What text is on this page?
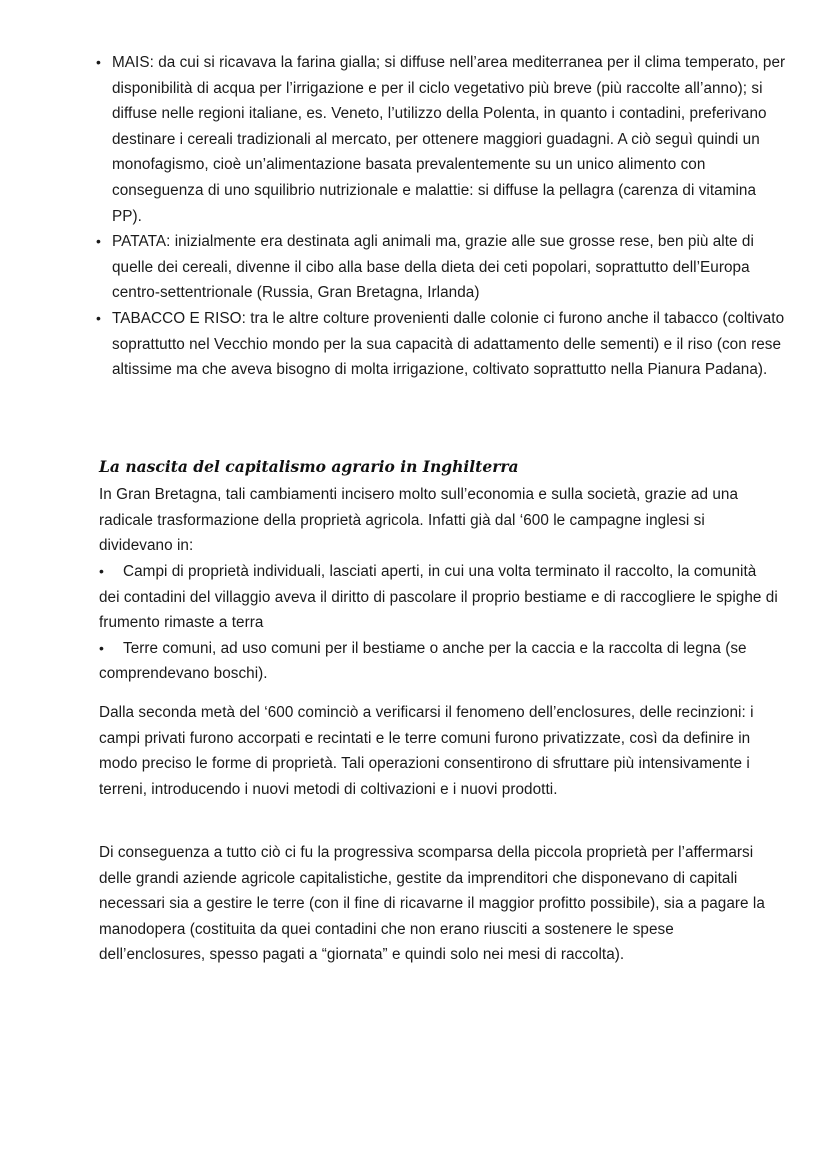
• MAIS: da cui si ricavava la farina gialla; si diffuse nell’area mediterranea per il clima temperato, per disponibilità di acqua per l’irrigazione e per il ciclo vegetativo più breve (più raccolte all’anno); si diffuse nelle regioni italiane, es. Veneto, l’utilizzo della Polenta, in quanto i contadini, preferivano destinare i cereali tradizionali al mercato, per ottenere maggiori guadagni. A ciò seguì quindi un monofagismo, cioè un’alimentazione basata prevalentemente su un unico alimento con conseguenza di uno squilibrio nutrizionale e malattie: si diffuse la pellagra (carenza di vitamina PP).
• PATATA: inizialmente era destinata agli animali ma, grazie alle sue grosse rese, ben più alte di quelle dei cereali, divenne il cibo alla base della dieta dei ceti popolari, soprattutto dell’Europa centro-settentrionale (Russia, Gran Bretagna, Irlanda)
• TABACCO E RISO: tra le altre colture provenienti dalle colonie ci furono anche il tabacco (coltivato soprattutto nel Vecchio mondo per la sua capacità di adattamento delle sementi) e il riso (con rese altissime ma che aveva bisogno di molta irrigazione, coltivato soprattutto nella Pianura Padana).
La nascita del capitalismo agrario in Inghilterra

In Gran Bretagna, tali cambiamenti incisero molto sull’economia e sulla società, grazie ad una radicale trasformazione della proprietà agricola. Infatti già dal ‘600 le campagne inglesi si dividevano in:

• Campi di proprietà individuali, lasciati aperti, in cui una volta terminato il raccolto, la comunità dei contadini del villaggio aveva il diritto di pascolare il proprio bestiame e di raccogliere le spighe di frumento rimaste a terra
• Terre comuni, ad uso comuni per il bestiame o anche per la caccia e la raccolta di legna (se comprendevano boschi).

Dalla seconda metà del ‘600 cominciò a verificarsi il fenomeno dell’enclosures, delle recinzioni: i campi privati furono accorpati e recintati e le terre comuni furono privatizzate, così da definire in modo preciso le forme di proprietà. Tali operazioni consentirono di sfruttare più intensivamente i terreni, introducendo i nuovi metodi di coltivazioni e i nuovi prodotti.

Di conseguenza a tutto ciò ci fu la progressiva scomparsa della piccola proprietà per l’affermarsi delle grandi aziende agricole capitalistiche, gestite da imprenditori che disponevano di capitali necessari sia a gestire le terre (con il fine di ricavarne il maggior profitto possibile), sia a pagare la manodopera (costituita da quei contadini che non erano riusciti a sostenere le spese dell’enclosures, spesso pagati a “giornata” e quindi solo nei mesi di raccolta).
